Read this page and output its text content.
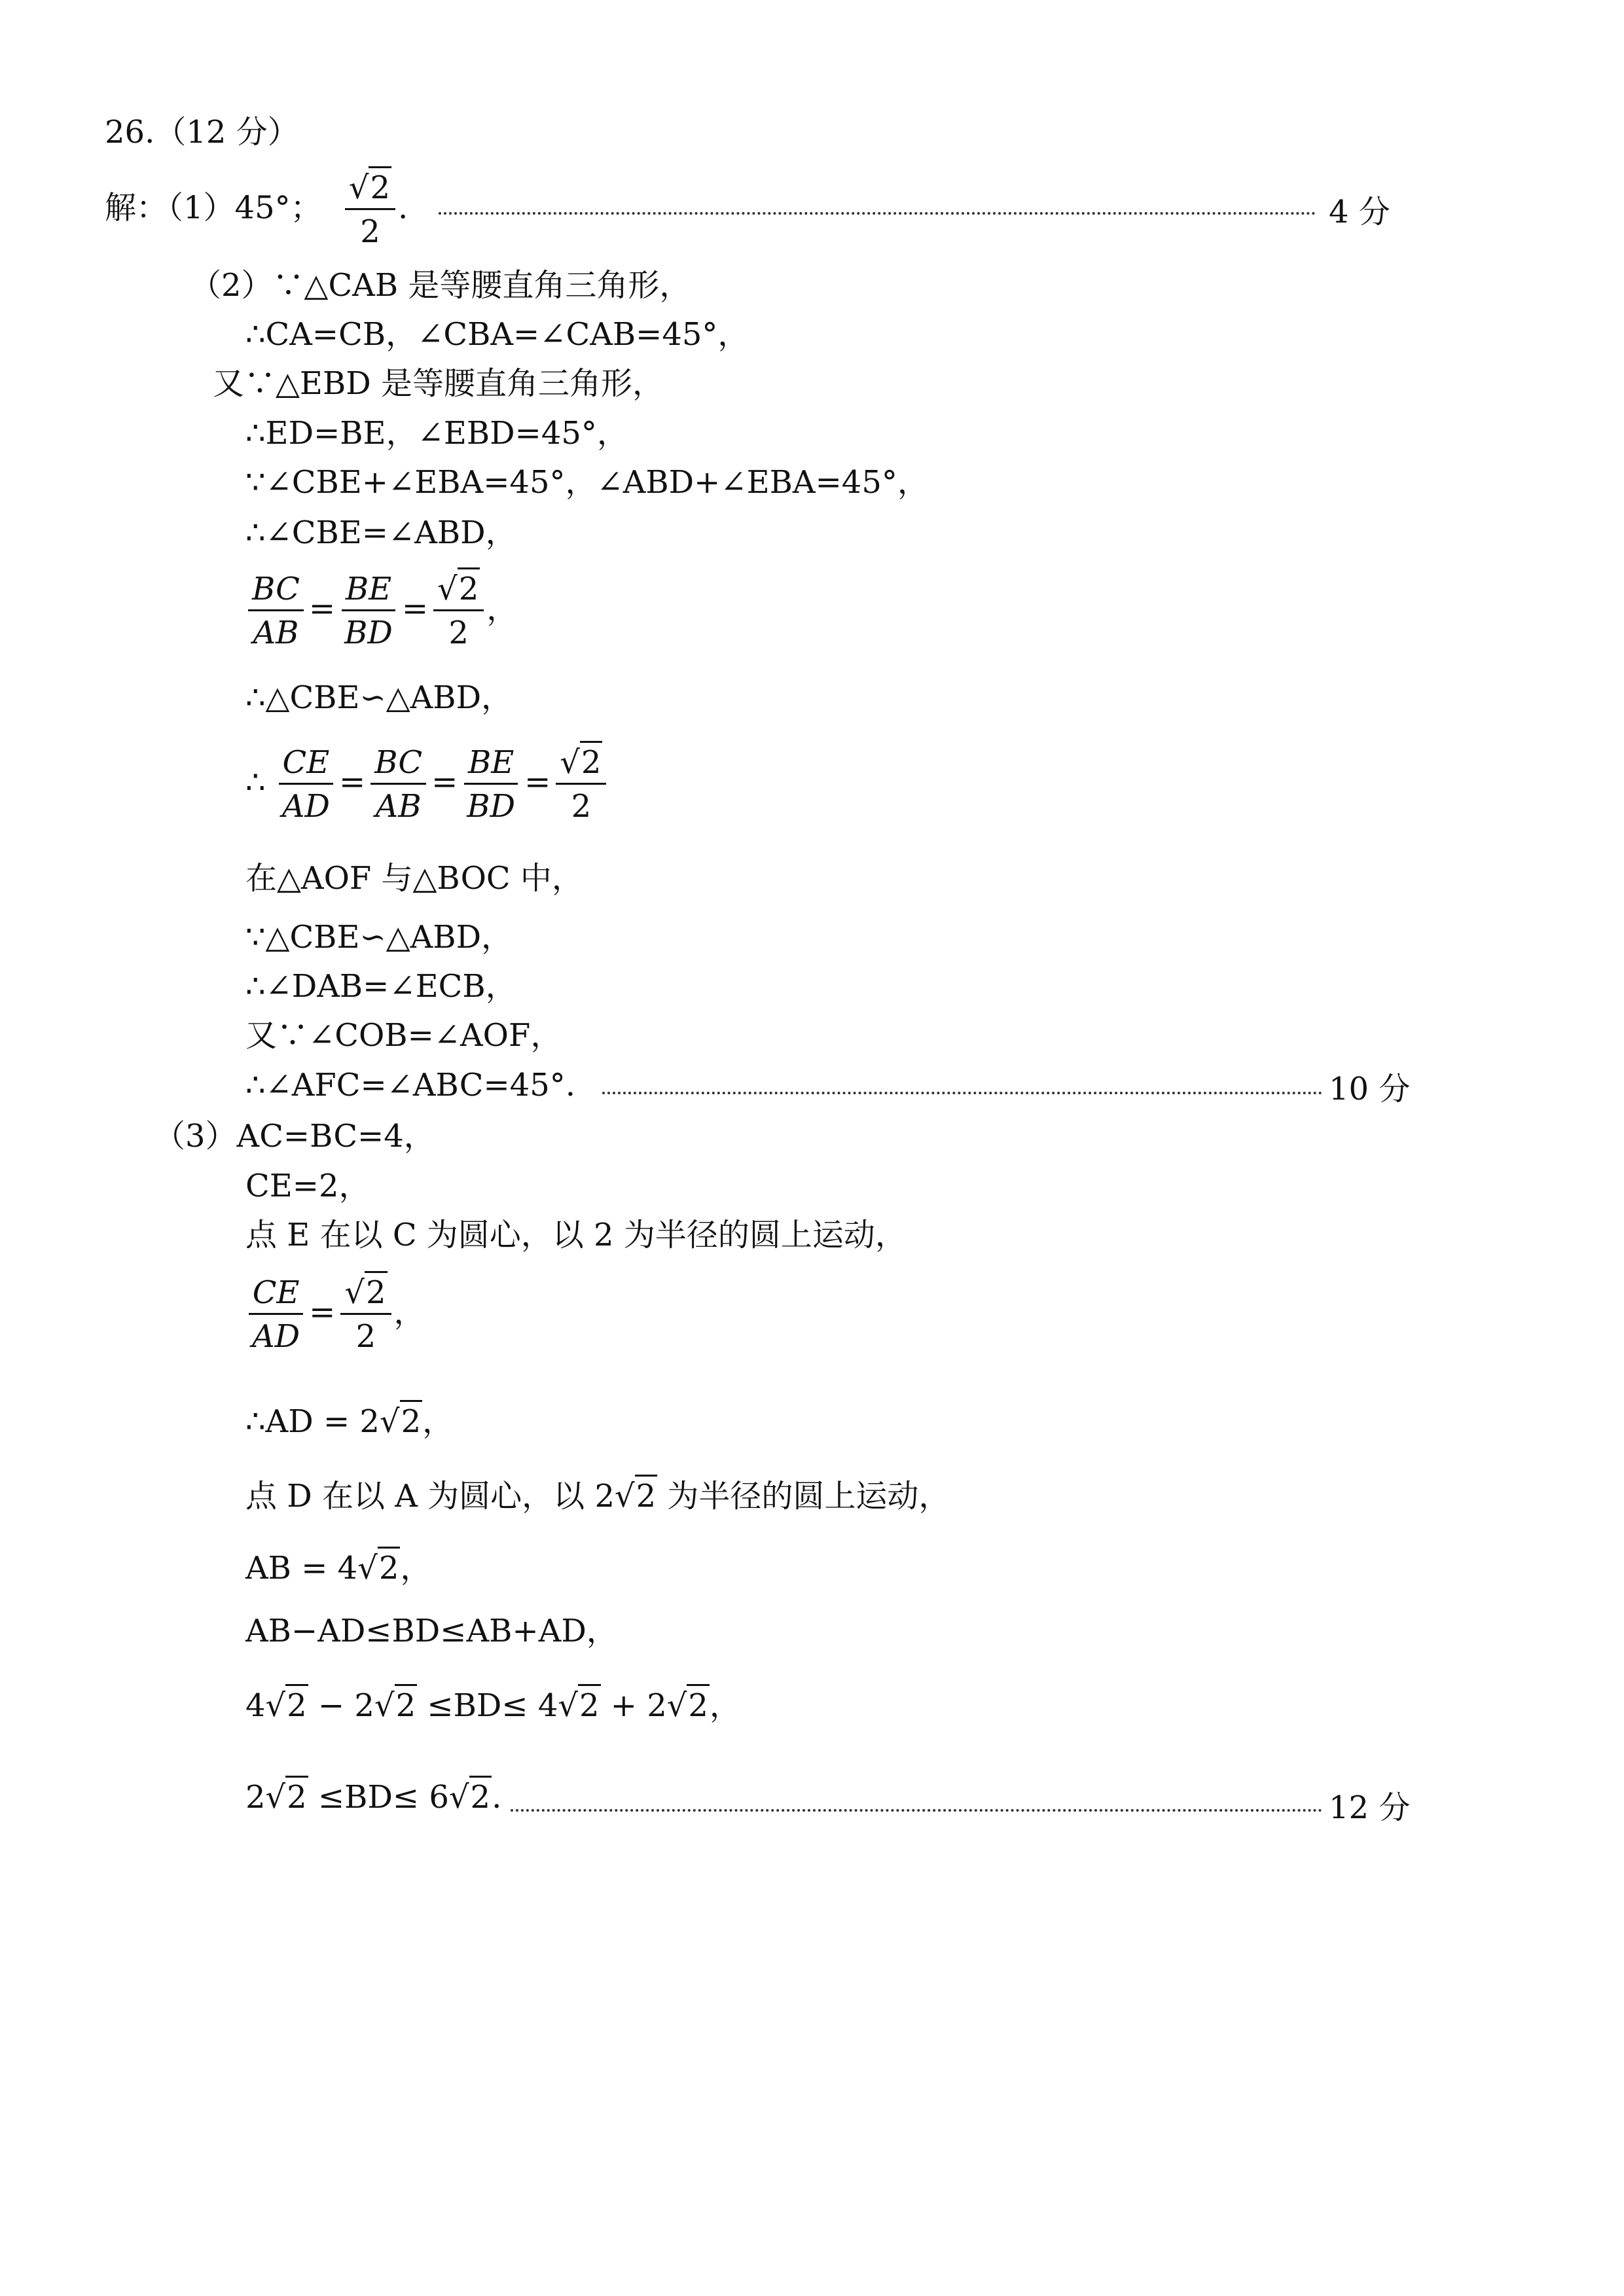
26.（12 分）
解：（1）45°； $\frac{√2}{2}$ .	4 分
（2）∵△CAB 是等腰直角三角形，
∴CA=CB，∠CBA=∠CAB=45°，
又∵△EBD 是等腰直角三角形，
∴ED=BE，∠EBD=45°，
∵∠CBE+∠EBA=45°，∠ABD+∠EBA=45°，
∴∠CBE=∠ABD，
$\frac{BC}{AB} = \frac{BE}{BD} = \frac{√2}{2}$ ，
∴△CBE∽△ABD，
∴ $\frac{CE}{AD} = \frac{BC}{AB} = \frac{BE}{BD} = \frac{√2}{2}$
在△AOF 与△BOC 中，
∵△CBE∽△ABD，
∴∠DAB=∠ECB，
又∵∠COB=∠AOF，
∴∠AFC=∠ABC=45°.	10 分
（3）AC=BC=4，
CE=2，
点 E 在以 C 为圆心，以 2 为半径的圆上运动，
$\frac{CE}{AD} = \frac{√2}{2}$ ，
∴AD = 2√2，
点 D 在以 A 为圆心，以 2√2 为半径的圆上运动，
AB = 4√2，
AB−AD≤BD≤AB+AD，
4√2 − 2√2 ≤BD≤ 4√2 + 2√2，
2√2 ≤BD≤ 6√2.	12 分
